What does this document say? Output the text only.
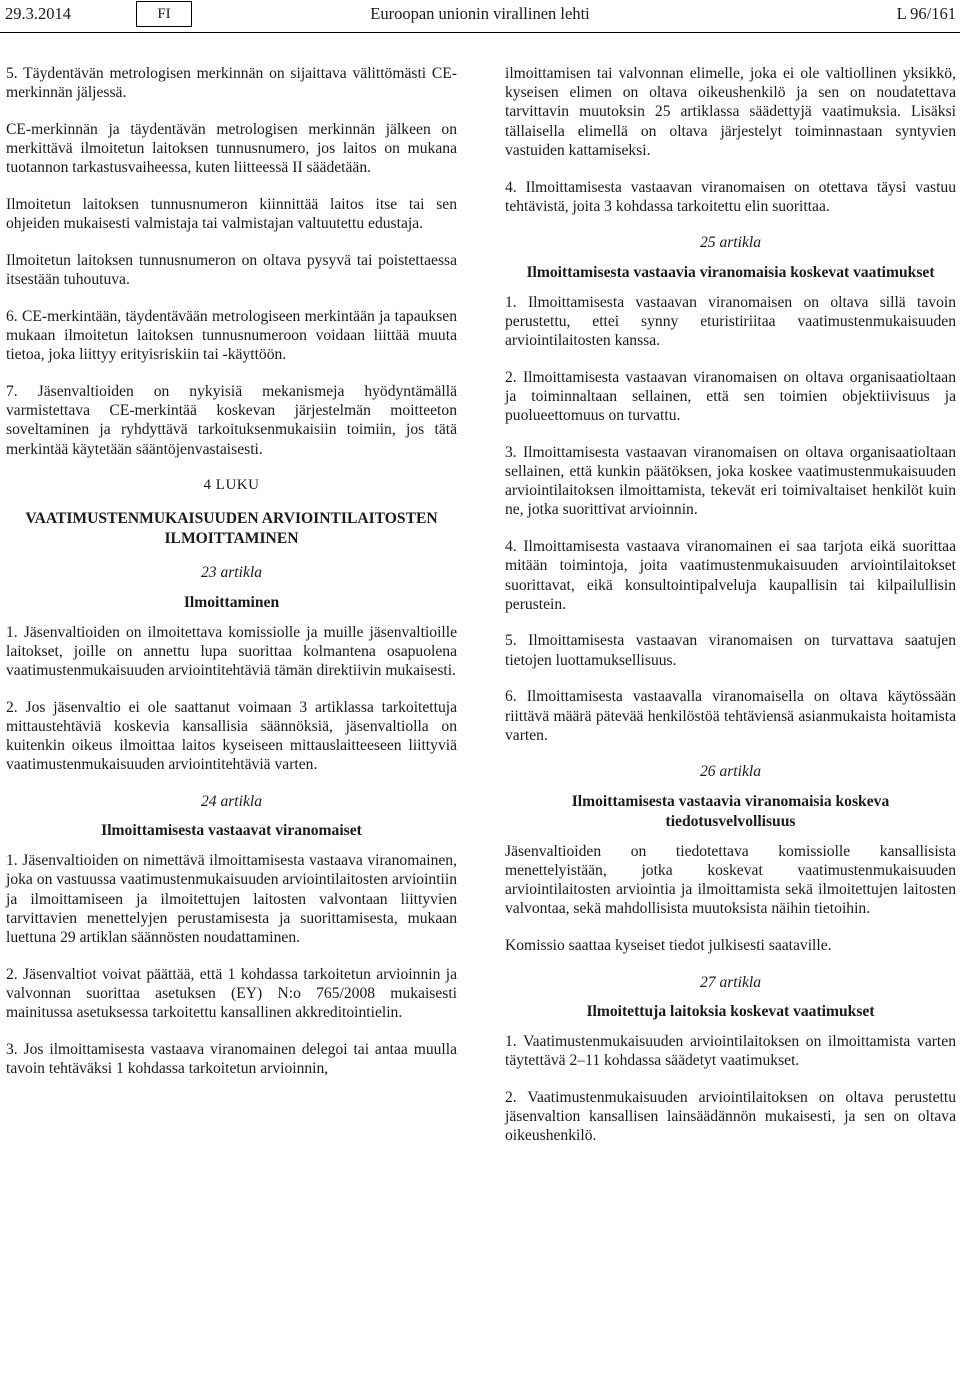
29.3.2014	FI	Euroopan unionin virallinen lehti	L 96/161

5. Täydentävän metrologisen merkinnän on sijaittava välittömästi CE-merkinnän jäljessä.

CE-merkinnän ja täydentävän metrologisen merkinnän jälkeen on merkittävä ilmoitetun laitoksen tunnusnumero, jos laitos on mukana tuotannon tarkastusvaiheessa, kuten liitteessä II säädetään.

Ilmoitetun laitoksen tunnusnumeron kiinnittää laitos itse tai sen ohjeiden mukaisesti valmistaja tai valmistajan valtuutettu edustaja.

Ilmoitetun laitoksen tunnusnumeron on oltava pysyvä tai poistettaessa itsestään tuhoutuva.

6. CE-merkintään, täydentävään metrologiseen merkintään ja tapauksen mukaan ilmoitetun laitoksen tunnusnumeroon voidaan liittää muuta tietoa, joka liittyy erityisriskiin tai -käyttöön.

7. Jäsenvaltioiden on nykyisiä mekanismeja hyödyntämällä varmistettava CE-merkintää koskevan järjestelmän moitteeton soveltaminen ja ryhdyttävä tarkoituksenmukaisiin toimiin, jos tätä merkintää käytetään sääntöjenvastaisesti.

4 LUKU
VAATIMUSTENMUKAISUUDEN ARVIOINTILAITOSTEN ILMOITTAMINEN
23 artikla
Ilmoittaminen

1. Jäsenvaltioiden on ilmoitettava komissiolle ja muille jäsenvaltioille laitokset, joille on annettu lupa suorittaa kolmantena osapuolena vaatimustenmukaisuuden arviointitehtäviä tämän direktiivin mukaisesti.

2. Jos jäsenvaltio ei ole saattanut voimaan 3 artiklassa tarkoitettuja mittaustehtäviä koskevia kansallisia säännöksiä, jäsenvaltiolla on kuitenkin oikeus ilmoittaa laitos kyseiseen mittauslaitteeseen liittyviä vaatimustenmukaisuuden arviointitehtäviä varten.

24 artikla
Ilmoittamisesta vastaavat viranomaiset

1. Jäsenvaltioiden on nimettävä ilmoittamisesta vastaava viranomainen, joka on vastuussa vaatimustenmukaisuuden arviointilaitosten arviointiin ja ilmoittamiseen ja ilmoitettujen laitosten valvontaan liittyvien tarvittavien menettelyjen perustamisesta ja suorittamisesta, mukaan luettuna 29 artiklan säännösten noudattaminen.

2. Jäsenvaltiot voivat päättää, että 1 kohdassa tarkoitetun arvioinnin ja valvonnan suorittaa asetuksen (EY) N:o 765/2008 mukaisesti mainitussa asetuksessa tarkoitettu kansallinen akkreditointielin.

3. Jos ilmoittamisesta vastaava viranomainen delegoi tai antaa muulla tavoin tehtäväksi 1 kohdassa tarkoitetun arvioinnin,

ilmoittamisen tai valvonnan elimelle, joka ei ole valtiollinen yksikkö, kyseisen elimen on oltava oikeushenkilö ja sen on noudatettava tarvittavin muutoksin 25 artiklassa säädettyjä vaatimuksia. Lisäksi tällaisella elimellä on oltava järjestelyt toiminnastaan syntyvien vastuiden kattamiseksi.

4. Ilmoittamisesta vastaavan viranomaisen on otettava täysi vastuu tehtävistä, joita 3 kohdassa tarkoitettu elin suorittaa.

25 artikla
Ilmoittamisesta vastaavia viranomaisia koskevat vaatimukset

1. Ilmoittamisesta vastaavan viranomaisen on oltava sillä tavoin perustettu, ettei synny eturistiriitaa vaatimustenmukaisuuden arviointilaitosten kanssa.

2. Ilmoittamisesta vastaavan viranomaisen on oltava organisaatioltaan ja toiminnaltaan sellainen, että sen toimien objektiivisuus ja puolueettomuus on turvattu.

3. Ilmoittamisesta vastaavan viranomaisen on oltava organisaatioltaan sellainen, että kunkin päätöksen, joka koskee vaatimustenmukaisuuden arviointilaitoksen ilmoittamista, tekevät eri toimivaltaiset henkilöt kuin ne, jotka suorittivat arvioinnin.

4. Ilmoittamisesta vastaava viranomainen ei saa tarjota eikä suorittaa mitään toimintoja, joita vaatimustenmukaisuuden arviointilaitokset suorittavat, eikä konsultointipalveluja kaupallisin tai kilpailullisin perustein.

5. Ilmoittamisesta vastaavan viranomaisen on turvattava saatujen tietojen luottamuksellisuus.

6. Ilmoittamisesta vastaavalla viranomaisella on oltava käytössään riittävä määrä pätevää henkilöstöä tehtäviensä asianmukaista hoitamista varten.

26 artikla
Ilmoittamisesta vastaavia viranomaisia koskeva tiedotusvelvollisuus

Jäsenvaltioiden on tiedotettava komissiolle kansallisista menettelyistään, jotka koskevat vaatimustenmukaisuuden arviointilaitosten arviointia ja ilmoittamista sekä ilmoitettujen laitosten valvontaa, sekä mahdollisista muutoksista näihin tietoihin.

Komissio saattaa kyseiset tiedot julkisesti saataville.

27 artikla
Ilmoitettuja laitoksia koskevat vaatimukset

1. Vaatimustenmukaisuuden arviointilaitoksen on ilmoittamista varten täytettävä 2–11 kohdassa säädetyt vaatimukset.

2. Vaatimustenmukaisuuden arviointilaitoksen on oltava perustettu jäsenvaltion kansallisen lainsäädännön mukaisesti, ja sen on oltava oikeushenkilö.
